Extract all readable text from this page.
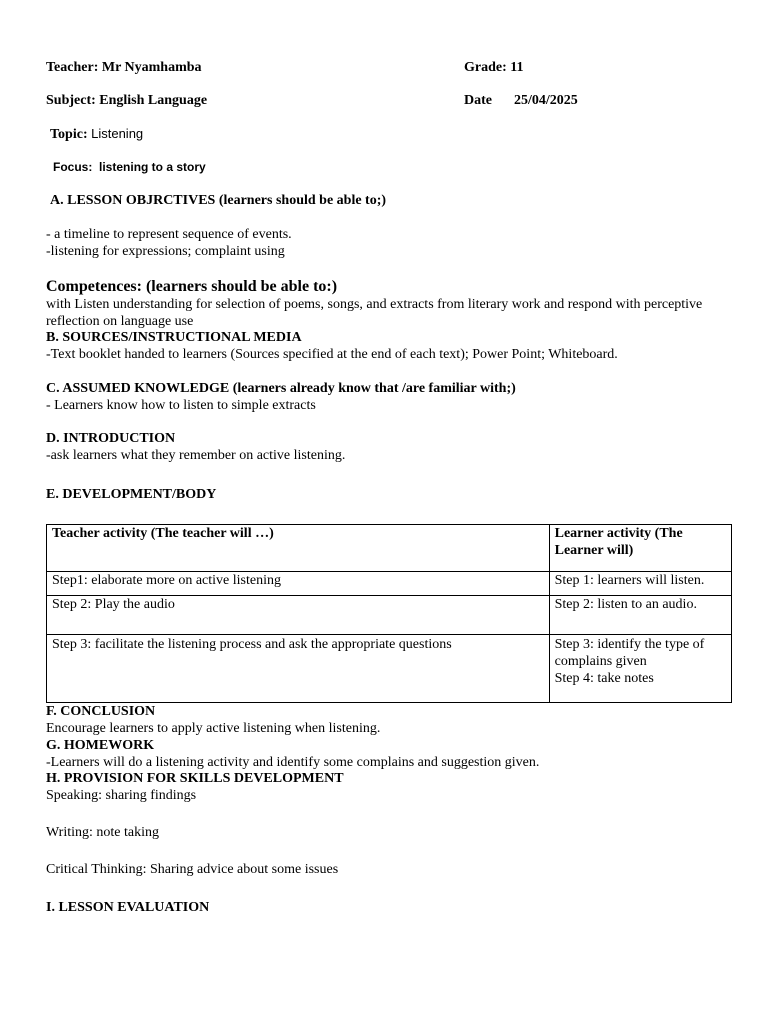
Teacher: Mr Nyamhamba	Grade: 11
Subject: English Language	Date 25/04/2025
Topic: Listening
Focus: listening to a story
A. LESSON OBJRCTIVES (learners should be able to;)
- a timeline to represent sequence of events.
-listening for expressions; complaint using
Competences: (learners should be able to:)
with Listen understanding for selection of poems, songs, and extracts from literary work and respond with perceptive reflection on language use
B. SOURCES/INSTRUCTIONAL MEDIA
-Text booklet handed to learners (Sources specified at the end of each text); Power Point; Whiteboard.
C. ASSUMED KNOWLEDGE (learners already know that /are familiar with;)
- Learners know how to listen to simple extracts
D. INTRODUCTION
-ask learners what they remember on active listening.
E. DEVELOPMENT/BODY
Teacher activity (The teacher will …)	Learner activity (The Learner will)
Step1: elaborate more on active listening	Step 1: learners will listen.
Step 2: Play the audio	Step 2: listen to an audio.
Step 3: facilitate the listening process and ask the appropriate questions	Step 3: identify the type of complains given
Step 4: take notes
F. CONCLUSION
Encourage learners to apply active listening when listening.
G. HOMEWORK
-Learners will do a listening activity and identify some complains and suggestion given.
H. PROVISION FOR SKILLS DEVELOPMENT
Speaking: sharing findings
Writing: note taking
Critical Thinking: Sharing advice about some issues
I. LESSON EVALUATION
